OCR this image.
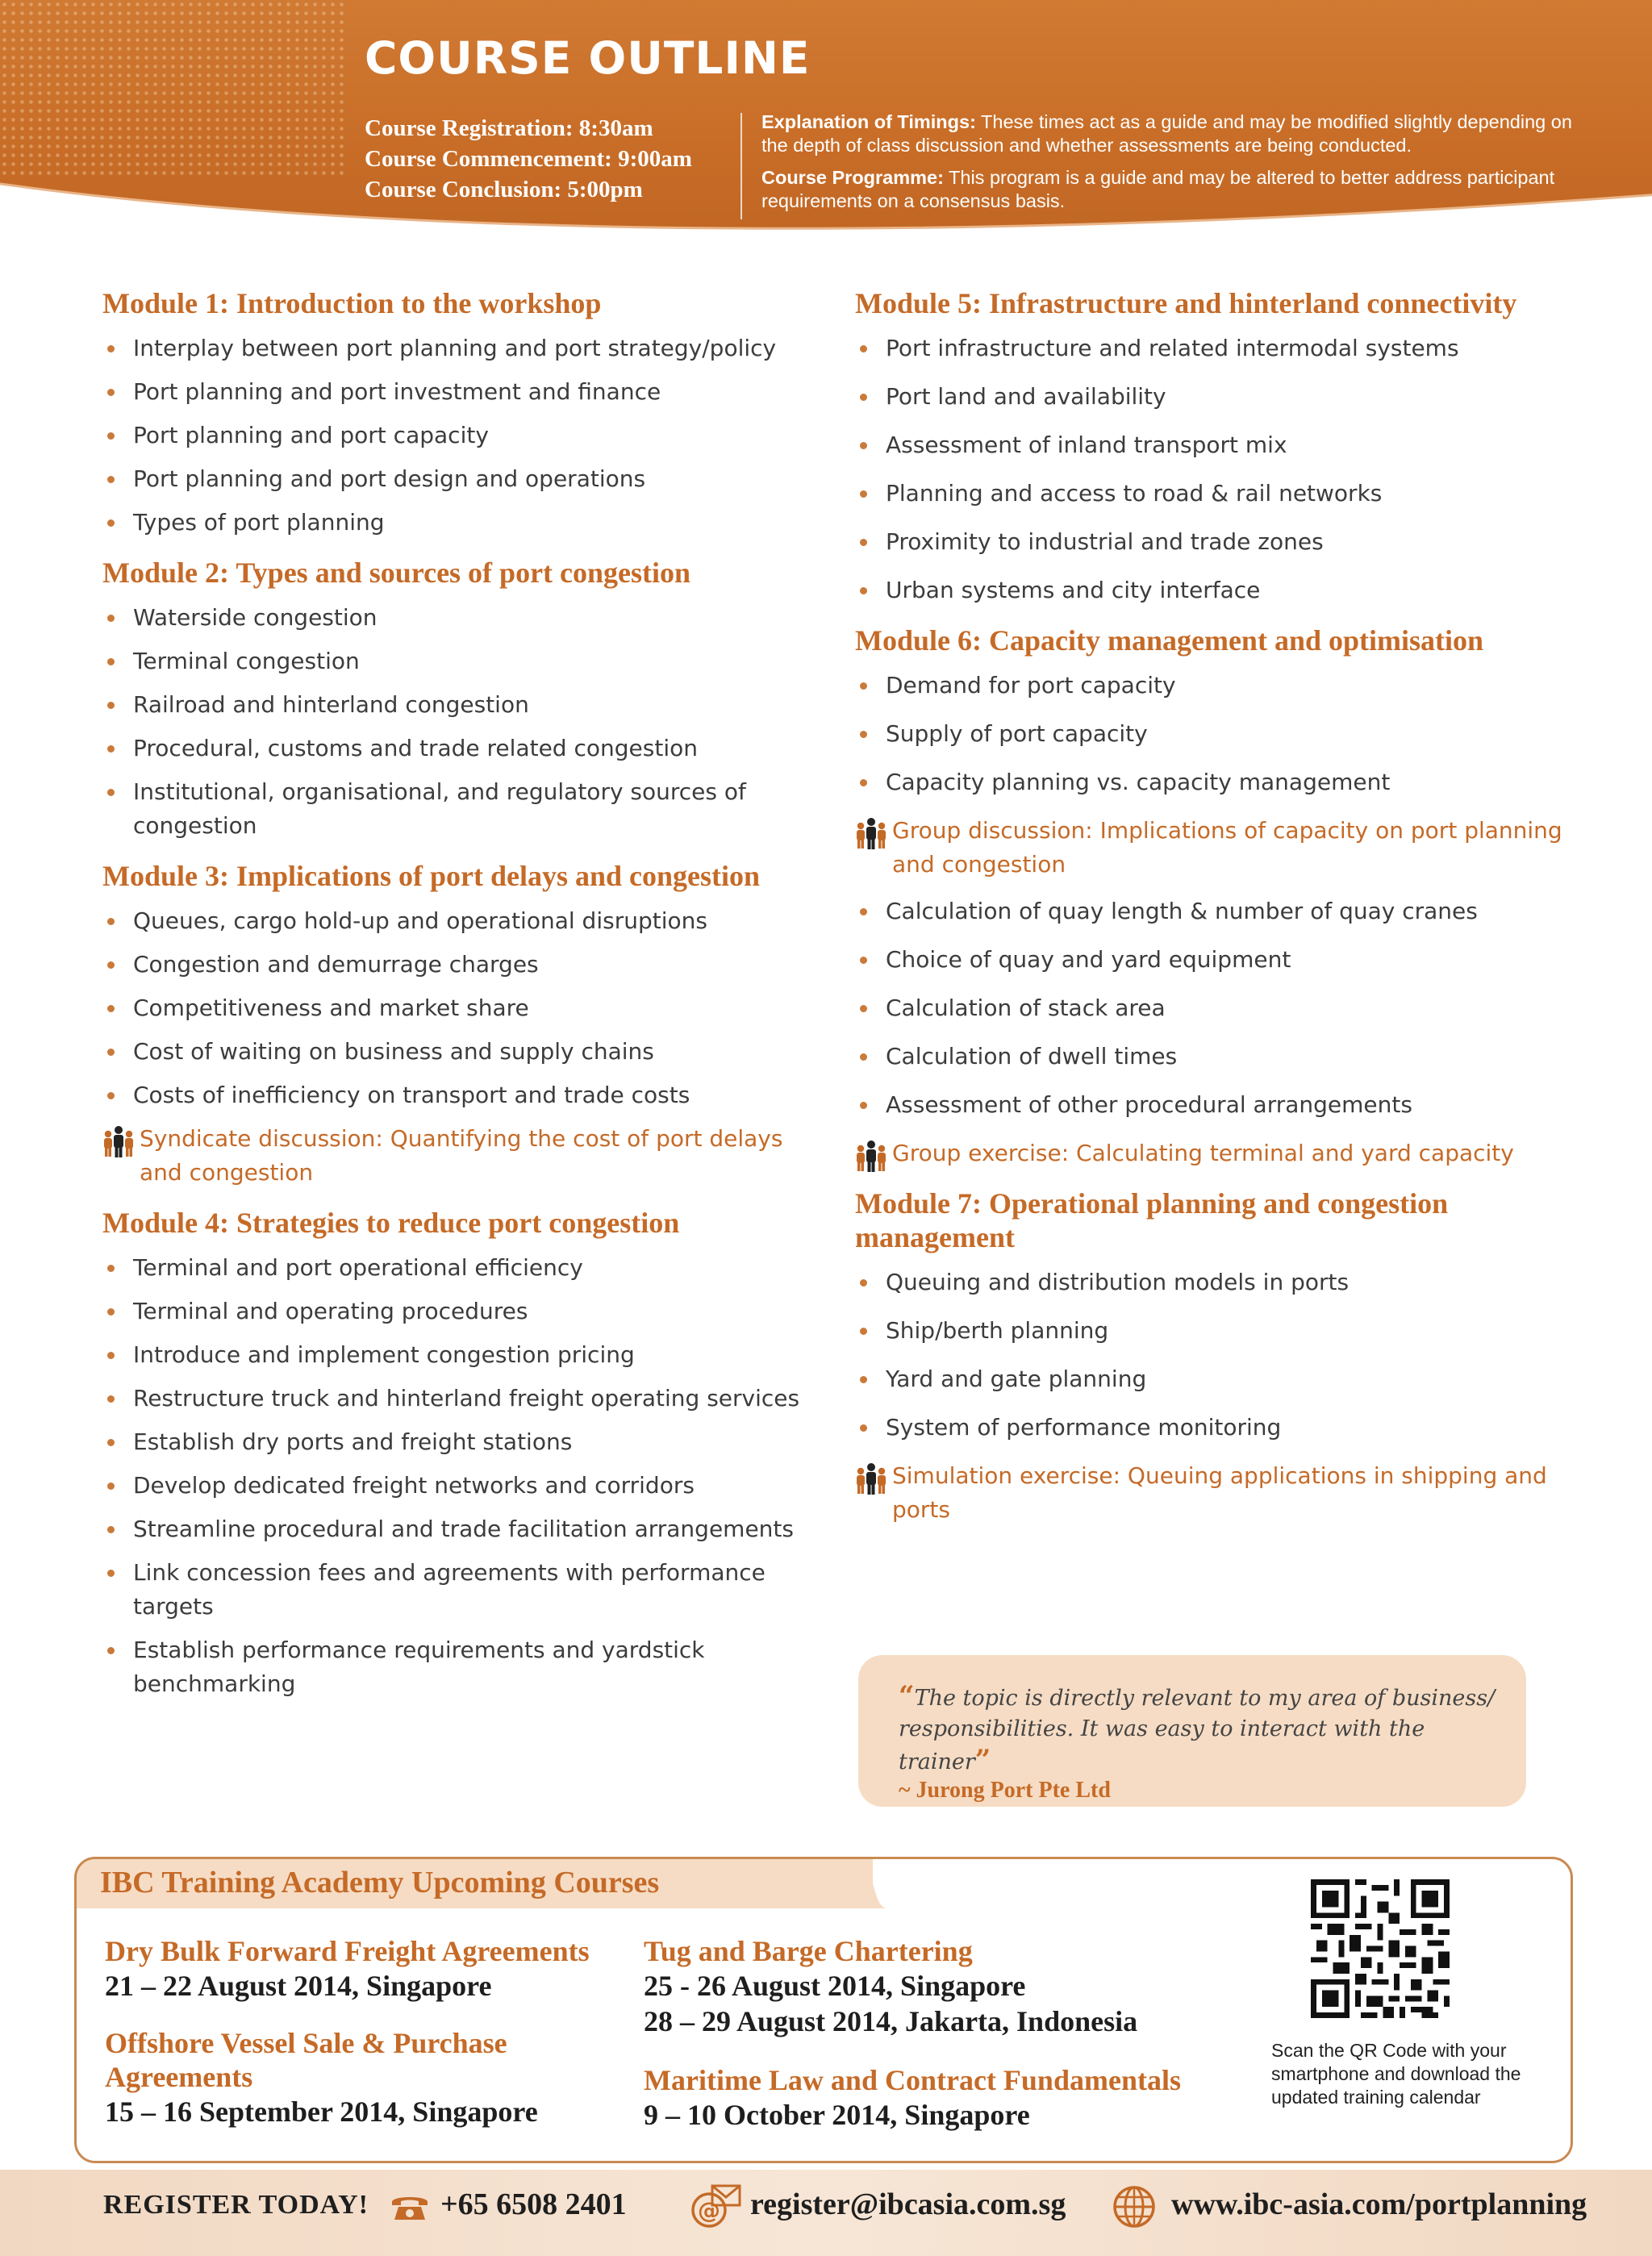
COURSE OUTLINE
Course Registration: 8:30am
Course Commencement: 9:00am
Course Conclusion: 5:00pm

Explanation of Timings: These times act as a guide and may be modified slightly depending on the depth of class discussion and whether assessments are being conducted.

Course Programme: This program is a guide and may be altered to better address participant requirements on a consensus basis.

Module 1: Introduction to the workshop
Interplay between port planning and port strategy/policy
Port planning and port investment and finance
Port planning and port capacity
Port planning and port design and operations
Types of port planning
Module 2: Types and sources of port congestion
Waterside congestion
Terminal congestion
Railroad and hinterland congestion
Procedural, customs and trade related congestion
Institutional, organisational, and regulatory sources of congestion
Module 3: Implications of port delays and congestion
Queues, cargo hold-up and operational disruptions
Congestion and demurrage charges
Competitiveness and market share
Cost of waiting on business and supply chains
Costs of inefficiency on transport and trade costs
Syndicate discussion: Quantifying the cost of port delays and congestion
Module 4: Strategies to reduce port congestion
Terminal and port operational efficiency
Terminal and operating procedures
Introduce and implement congestion pricing
Restructure truck and hinterland freight operating services
Establish dry ports and freight stations
Develop dedicated freight networks and corridors
Streamline procedural and trade facilitation arrangements
Link concession fees and agreements with performance targets
Establish performance requirements and yardstick benchmarking
Module 5: Infrastructure and hinterland connectivity
Port infrastructure and related intermodal systems
Port land and availability
Assessment of inland transport mix
Planning and access to road & rail networks
Proximity to industrial and trade zones
Urban systems and city interface
Module 6: Capacity management and optimisation
Demand for port capacity
Supply of port capacity
Capacity planning vs. capacity management
Group discussion: Implications of capacity on port planning and congestion
Calculation of quay length & number of quay cranes
Choice of quay and yard equipment
Calculation of stack area
Calculation of dwell times
Assessment of other procedural arrangements
Group exercise: Calculating terminal and yard capacity
Module 7: Operational planning and congestion management
Queuing and distribution models in ports
Ship/berth planning
Yard and gate planning
System of performance monitoring
Simulation exercise: Queuing applications in shipping and ports

“The topic is directly relevant to my area of business/ responsibilities. It was easy to interact with the trainer”

~ Jurong Port Pte Ltd

IBC Training Academy Upcoming Courses

Dry Bulk Forward Freight Agreements

21 – 22 August 2014, Singapore

Offshore Vessel Sale & Purchase Agreements

15 – 16 September 2014, Singapore

Tug and Barge Chartering

25 - 26 August 2014, Singapore

28 – 29 August 2014, Jakarta, Indonesia

Maritime Law and Contract Fundamentals

9 – 10 October 2014, Singapore

Scan the QR Code with your smartphone and download the updated training calendar

REGISTER TODAY! +65 6508 2401	@ register@ibcasia.com.sg	www.ibc-asia.com/portplanning
